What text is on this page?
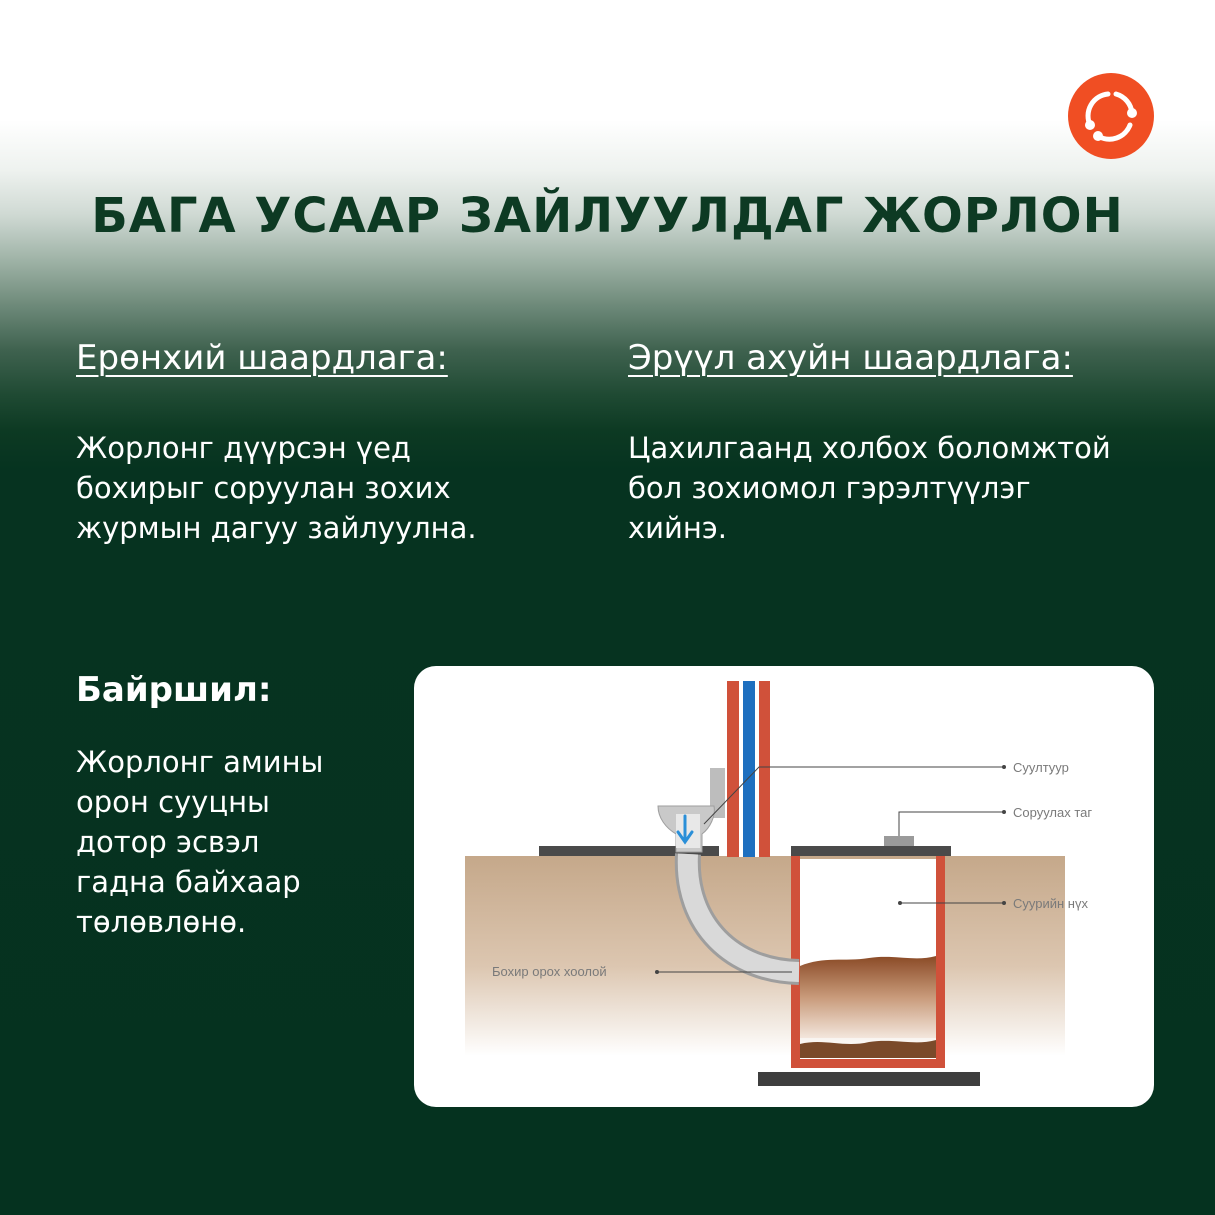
БАГА УСААР ЗАЙЛУУЛДАГ ЖОРЛОН
Ерөнхий шаардлага:
Жорлонг дүүрсэн үед
бохирыг соруулан зохих
журмын дагуу зайлуулна.
Эрүүл ахуйн шаардлага:
Цахилгаанд холбох боломжтой
бол зохиомол гэрэлтүүлэг
хийнэ.
Байршил:
Жорлонг амины
орон сууцны
дотор эсвэл
гадна байхаар
төлөвлөнө.
Суултуур
Соруулах таг
Суурийн нүх
Бохир орох хоолой
